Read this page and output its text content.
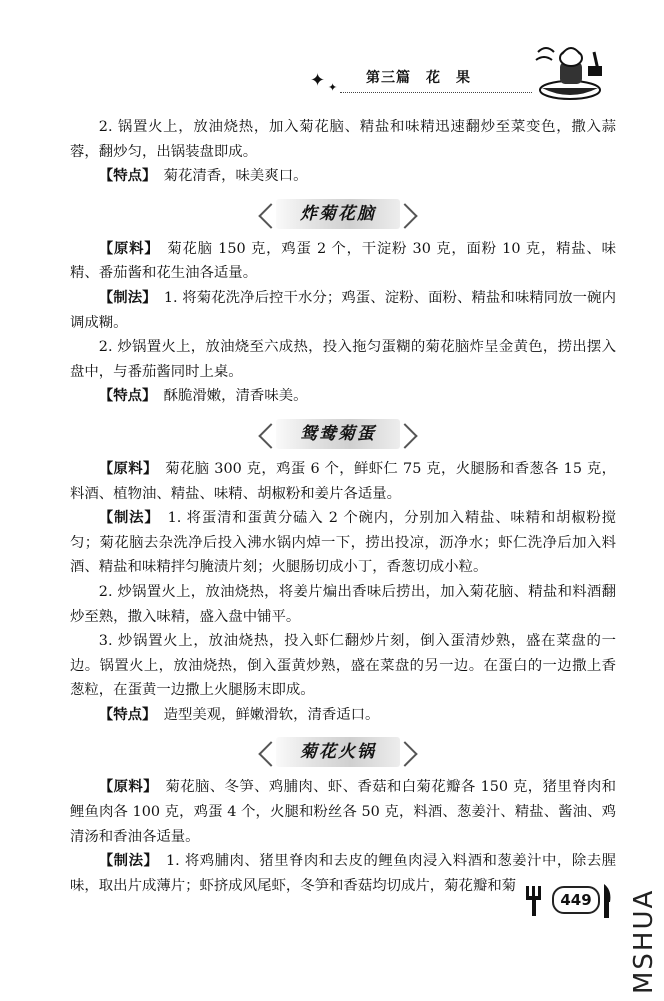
✦ ✦
第三篇　花　果

2. 锅置火上，放油烧热，加入菊花脑、精盐和味精迅速翻炒至菜变色，撒入蒜蓉，翻炒匀，出锅装盘即成。

【特点】　 菊花清香，味美爽口。

炸菊花脑

【原料】　 菊花脑 150 克，鸡蛋 2 个，干淀粉 30 克，面粉 10 克，精盐、味精、番茄酱和花生油各适量。

【制法】　 1. 将菊花洗净后控干水分；鸡蛋、淀粉、面粉、精盐和味精同放一碗内调成糊。

2. 炒锅置火上，放油烧至六成热，投入拖匀蛋糊的菊花脑炸呈金黄色，捞出摆入盘中，与番茄酱同时上桌。

【特点】　 酥脆滑嫩，清香味美。

鸳鸯菊蛋

【原料】　 菊花脑 300 克，鸡蛋 6 个，鲜虾仁 75 克，火腿肠和香葱各 15 克，料酒、植物油、精盐、味精、胡椒粉和姜片各适量。

【制法】　 1. 将蛋清和蛋黄分磕入 2 个碗内，分别加入精盐、味精和胡椒粉搅匀；菊花脑去杂洗净后投入沸水锅内焯一下，捞出投凉，沥净水；虾仁洗净后加入料酒、精盐和味精拌匀腌渍片刻；火腿肠切成小丁，香葱切成小粒。

2. 炒锅置火上，放油烧热，将姜片煸出香味后捞出，加入菊花脑、精盐和料酒翻炒至熟，撒入味精，盛入盘中铺平。

3. 炒锅置火上，放油烧热，投入虾仁翻炒片刻，倒入蛋清炒熟，盛在菜盘的一边。锅置火上，放油烧热，倒入蛋黄炒熟，盛在菜盘的另一边。在蛋白的一边撒上香葱粒，在蛋黄一边撒上火腿肠末即成。

【特点】　 造型美观，鲜嫩滑软，清香适口。

菊花火锅

【原料】　 菊花脑、冬笋、鸡脯肉、虾、香菇和白菊花瓣各 150 克，猪里脊肉和鲤鱼肉各 100 克，鸡蛋 4 个，火腿和粉丝各 50 克，料酒、葱姜汁、精盐、酱油、鸡清汤和香油各适量。

【制法】　 1. 将鸡脯肉、猪里脊肉和去皮的鲤鱼肉浸入料酒和葱姜汁中，除去腥味，取出片成薄片；虾挤成风尾虾，冬笋和香菇均切成片，菊花瓣和菊

449	MSHUA
